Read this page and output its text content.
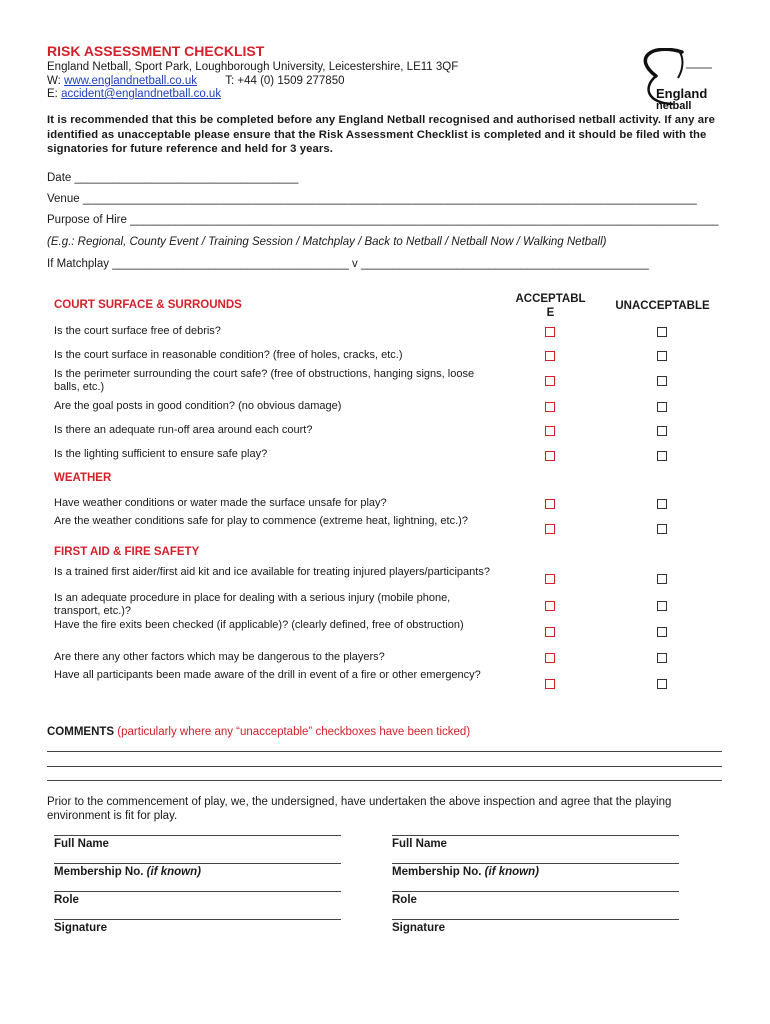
RISK ASSESSMENT CHECKLIST
England Netball, Sport Park, Loughborough University, Leicestershire, LE11 3QF
W: www.englandnetball.co.uk T: +44 (0) 1509 277850
E: accident@englandnetball.co.uk	England
netball
It is recommended that this be completed before any England Netball recognised and authorised netball activity. If any are identified as unacceptable please ensure that the Risk Assessment Checklist is completed and it should be filed with the signatories for future reference and held for 3 years.
Date ___________________________________
Venue ________________________________________________________________________________________________
Purpose of Hire ____________________________________________________________________________________________
(E.g.: Regional, County Event / Training Session / Matchplay / Back to Netball / Netball Now / Walking Netball)
If Matchplay _____________________________________ v _____________________________________________
ACCEPTABL
E
UNACCEPTABLE
COURT SURFACE & SURROUNDS
WEATHER
FIRST AID & FIRE SAFETY
Is the court surface free of debris?
Is the court surface in reasonable condition? (free of holes, cracks, etc.)
Is the perimeter surrounding the court safe? (free of obstructions, hanging signs, loose balls, etc.)
Are the goal posts in good condition? (no obvious damage)
Is there an adequate run-off area around each court?
Is the lighting sufficient to ensure safe play?
Have weather conditions or water made the surface unsafe for play?
Are the weather conditions safe for play to commence (extreme heat, lightning, etc.)?
Is a trained first aider/first aid kit and ice available for treating injured players/participants?
Is an adequate procedure in place for dealing with a serious injury (mobile phone, transport, etc.)?
Have the fire exits been checked (if applicable)? (clearly defined, free of obstruction)
Are there any other factors which may be dangerous to the players?
Have all participants been made aware of the drill in event of a fire or other emergency?
COMMENTS (particularly where any “unacceptable” checkboxes have been ticked)
Prior to the commencement of play, we, the undersigned, have undertaken the above inspection and agree that the playing environment is fit for play.
Full Name
Membership No. (if known)
Role
Signature
Full Name
Membership No. (if known)
Role
Signature
